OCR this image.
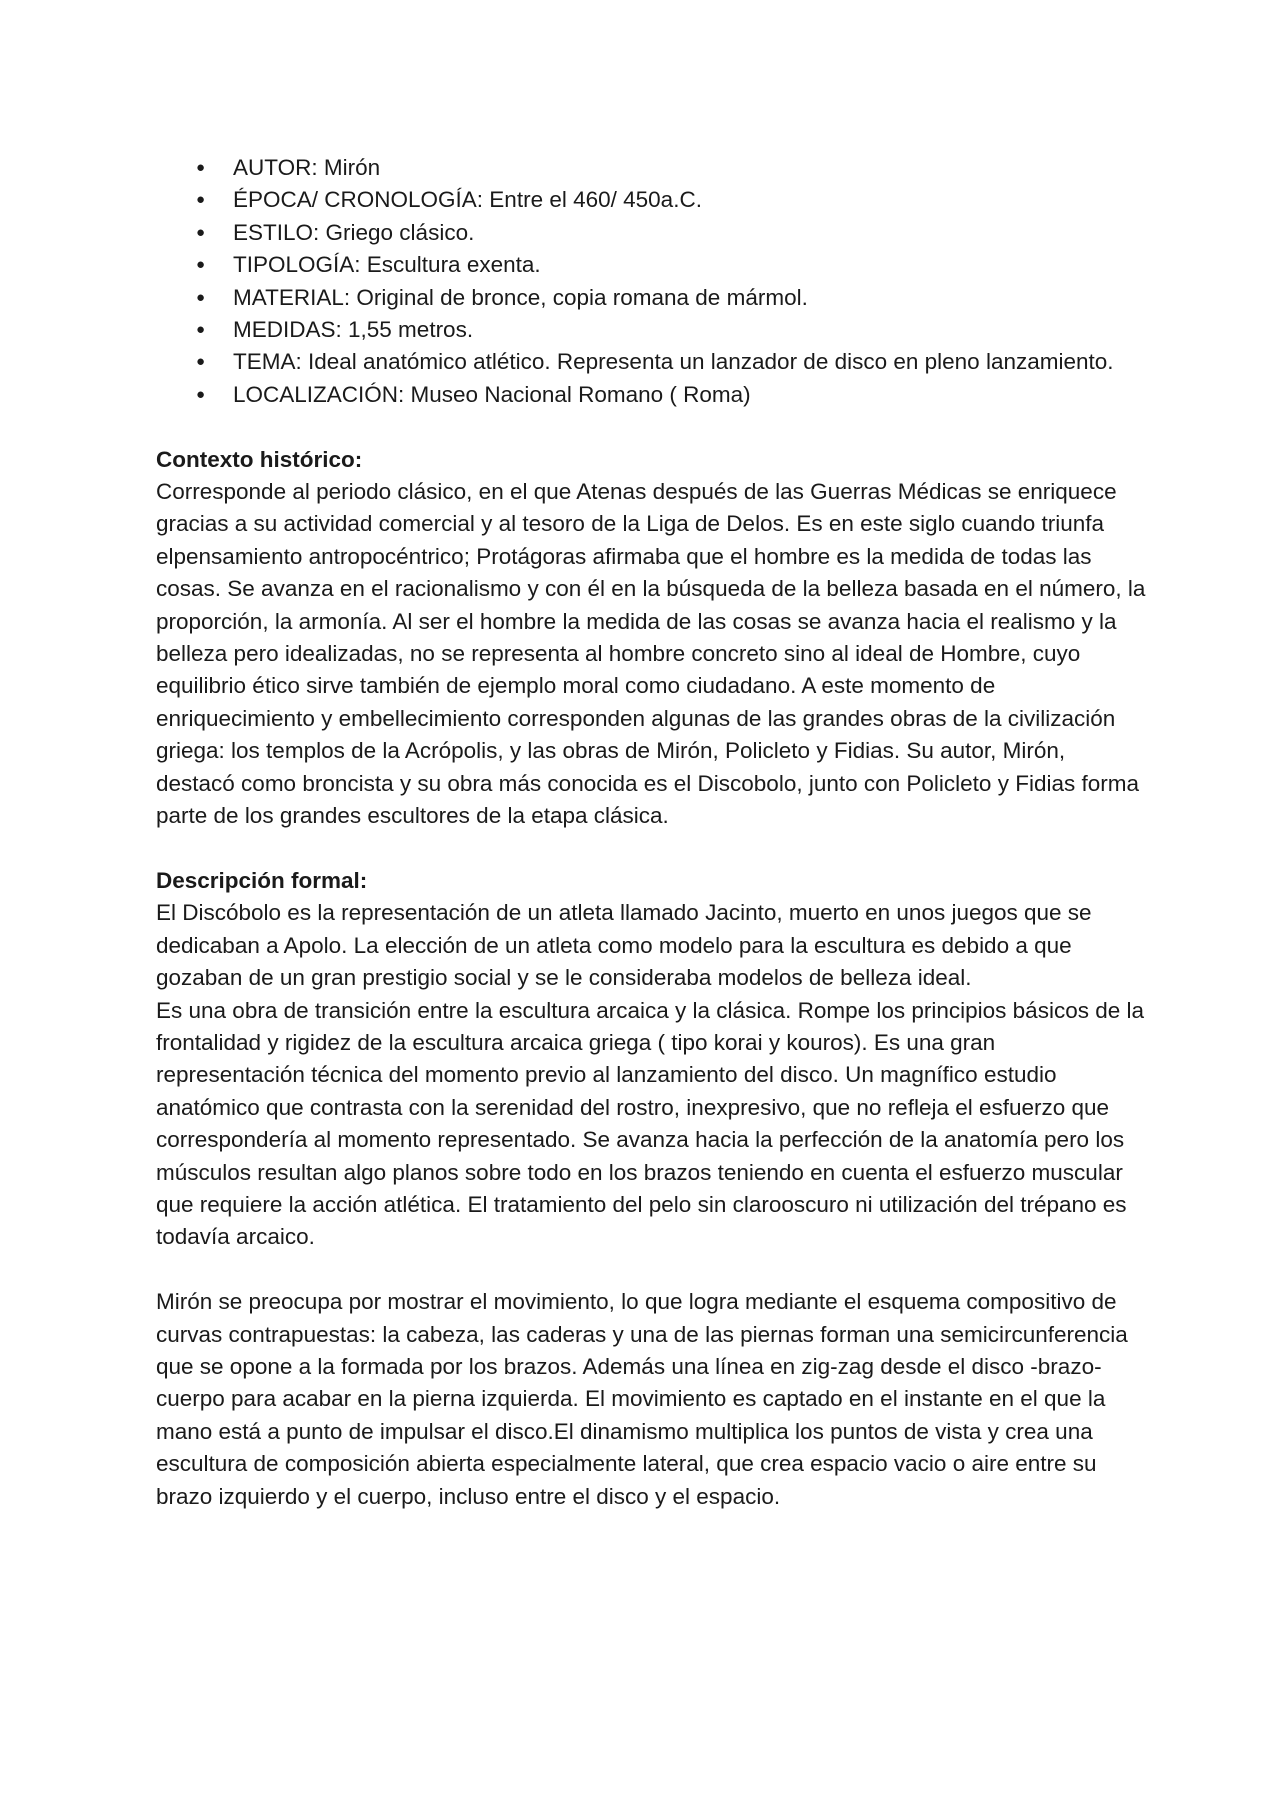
● AUTOR: Mirón
● ÉPOCA/ CRONOLOGÍA: Entre el 460/ 450a.C.
● ESTILO: Griego clásico.
● TIPOLOGÍA: Escultura exenta.
● MATERIAL: Original de bronce, copia romana de mármol.
● MEDIDAS: 1,55 metros.
● TEMA: Ideal anatómico atlético. Representa un lanzador de disco en pleno lanzamiento.
● LOCALIZACIÓN: Museo Nacional Romano ( Roma)

Contexto histórico:

Corresponde al periodo clásico, en el que Atenas después de las Guerras Médicas se enriquece gracias a su actividad comercial y al tesoro de la Liga de Delos. Es en este siglo cuando triunfa elpensamiento antropocéntrico; Protágoras afirmaba que el hombre es la medida de todas las cosas. Se avanza en el racionalismo y con él en la búsqueda de la belleza basada en el número, la proporción, la armonía. Al ser el hombre la medida de las cosas se avanza hacia el realismo y la belleza pero idealizadas, no se representa al hombre concreto sino al ideal de Hombre, cuyo equilibrio ético sirve también de ejemplo moral como ciudadano. A este momento de enriquecimiento y embellecimiento corresponden algunas de las grandes obras de la civilización griega: los templos de la Acrópolis, y las obras de Mirón, Policleto y Fidias. Su autor, Mirón, destacó como broncista y su obra más conocida es el Discobolo, junto con Policleto y Fidias forma parte de los grandes escultores de la etapa clásica.

Descripción formal:

El Discóbolo es la representación de un atleta llamado Jacinto, muerto en unos juegos que se dedicaban a Apolo. La elección de un atleta como modelo para la escultura es debido a que gozaban de un gran prestigio social y se le consideraba modelos de belleza ideal.

Es una obra de transición entre la escultura arcaica y la clásica. Rompe los principios básicos de la frontalidad y rigidez de la escultura arcaica griega ( tipo korai y kouros). Es una gran representación técnica del momento previo al lanzamiento del disco. Un magnífico estudio anatómico que contrasta con la serenidad del rostro, inexpresivo, que no refleja el esfuerzo que correspondería al momento representado. Se avanza hacia la perfección de la anatomía pero los músculos resultan algo planos sobre todo en los brazos teniendo en cuenta el esfuerzo muscular que requiere la acción atlética. El tratamiento del pelo sin clarooscuro ni utilización del trépano es todavía arcaico.

Mirón se preocupa por mostrar el movimiento, lo que logra mediante el esquema compositivo de curvas contrapuestas: la cabeza, las caderas y una de las piernas forman una semicircunferencia que se opone a la formada por los brazos. Además una línea en zig-zag desde el disco -brazo-cuerpo para acabar en la pierna izquierda. El movimiento es captado en el instante en el que la mano está a punto de impulsar el disco.El dinamismo multiplica los puntos de vista y crea una escultura de composición abierta especialmente lateral, que crea espacio vacio o aire entre su brazo izquierdo y el cuerpo, incluso entre el disco y el espacio.
